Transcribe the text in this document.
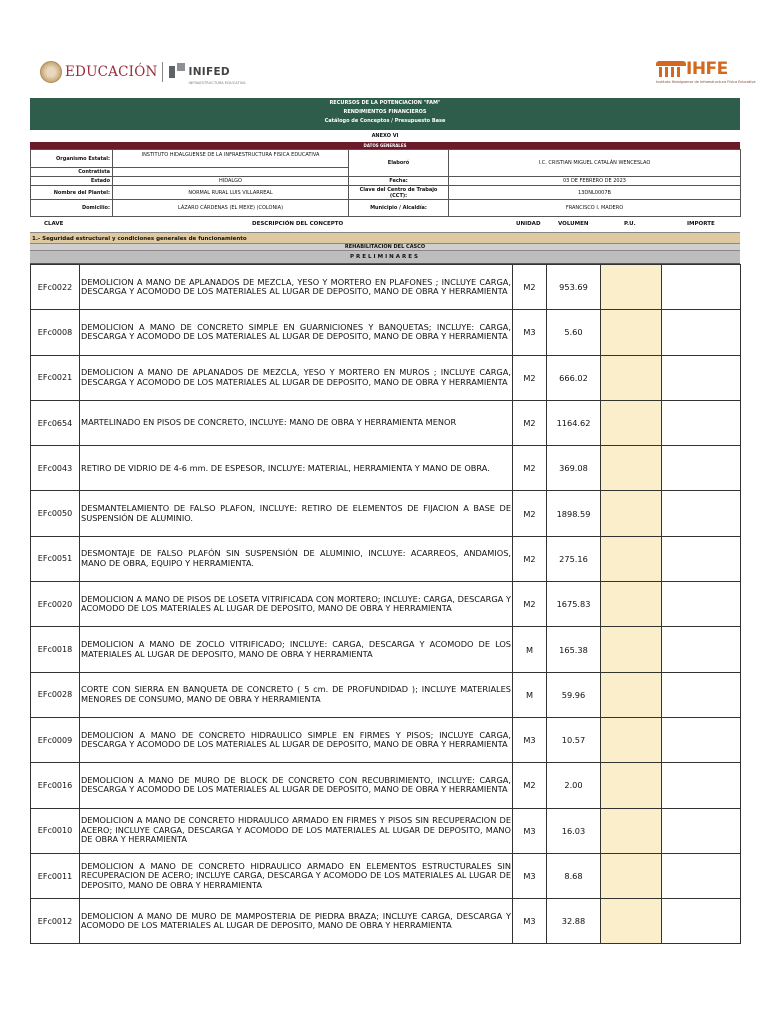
EDUCACIÓN	INIFED
INFRAESTRUCTURA EDUCATIVA
IHFE
Instituto Hidalguense de Infraestructura Física Educativa
RECURSOS DE LA POTENCIACION "FAM"
RENDIMIENTOS FINANCIEROS
Catálogo de Conceptos / Presupuesto Base
ANEXO VI
DATOS GENERALES
Organismo Estatal:	INSTITUTO HIDALGUENSE DE LA INFRAESTRUCTURA FISICA EDUCATIVA	Elaboró	I.C. CRISTIAN MIGUEL CATALÁN WENCESLAO
Contratista			
Estado	HIDALGO	Fecha:	03 DE FEBRERO DE 2023
Nombre del Plantel:	NORMAL RURAL LUIS VILLARREAL	Clave del Centro de Trabajo (CCT):	13DNL0007B
Domicilio:	LÁZARO CÁRDENAS (EL MEXE) (COLONIA)	Municipio / Alcaldía:	FRANCISCO I. MADERO
CLAVE	DESCRIPCIÓN DEL CONCEPTO	UNIDAD	VOLUMEN	P.U.	IMPORTE
1.- Seguridad estructural y condiciones generales de funcionamiento
REHABILITACION DEL CASCO
PRELIMINARES
EFc0022	DEMOLICION A MANO DE APLANADOS DE MEZCLA, YESO Y MORTERO EN PLAFONES ; INCLUYE CARGA, DESCARGA Y ACOMODO DE LOS MATERIALES AL LUGAR DE DEPOSITO, MANO DE OBRA Y HERRAMIENTA	M2	953.69		
EFc0008	DEMOLICION A MANO DE CONCRETO SIMPLE EN GUARNICIONES Y BANQUETAS; INCLUYE: CARGA, DESCARGA Y ACOMODO DE LOS MATERIALES AL LUGAR DE DEPOSITO, MANO DE OBRA Y HERRAMIENTA	M3	5.60		
EFc0021	DEMOLICION A MANO DE APLANADOS DE MEZCLA, YESO Y MORTERO EN MUROS ; INCLUYE CARGA, DESCARGA Y ACOMODO DE LOS MATERIALES AL LUGAR DE DEPOSITO, MANO DE OBRA Y HERRAMIENTA	M2	666.02		
EFc0654	MARTELINADO EN PISOS DE CONCRETO, INCLUYE: MANO DE OBRA Y HERRAMIENTA MENOR	M2	1164.62		
EFc0043	RETIRO DE VIDRIO DE 4-6 mm. DE ESPESOR, INCLUYE: MATERIAL, HERRAMIENTA Y MANO DE OBRA.	M2	369.08		
EFc0050	DESMANTELAMIENTO DE FALSO PLAFON, INCLUYE: RETIRO DE ELEMENTOS DE FIJACION A BASE DE SUSPENSIÓN DE ALUMINIO.	M2	1898.59		
EFc0051	DESMONTAJE DE FALSO PLAFÓN SIN SUSPENSIÓN DE ALUMINIO, INCLUYE: ACARREOS, ANDAMIOS, MANO DE OBRA, EQUIPO Y HERRAMIENTA.	M2	275.16		
EFc0020	DEMOLICION A MANO DE PISOS DE LOSETA VITRIFICADA CON MORTERO; INCLUYE: CARGA, DESCARGA Y ACOMODO DE LOS MATERIALES AL LUGAR DE DEPOSITO, MANO DE OBRA Y HERRAMIENTA	M2	1675.83		
EFc0018	DEMOLICION A MANO DE ZOCLO VITRIFICADO; INCLUYE: CARGA, DESCARGA Y ACOMODO DE LOS MATERIALES AL LUGAR DE DEPOSITO, MANO DE OBRA Y HERRAMIENTA	M	165.38		
EFc0028	CORTE CON SIERRA EN BANQUETA DE CONCRETO ( 5 cm. DE PROFUNDIDAD ); INCLUYE MATERIALES MENORES DE CONSUMO, MANO DE OBRA Y HERRAMIENTA	M	59.96		
EFc0009	DEMOLICION A MANO DE CONCRETO HIDRAULICO SIMPLE EN FIRMES Y PISOS; INCLUYE CARGA, DESCARGA Y ACOMODO DE LOS MATERIALES AL LUGAR DE DEPOSITO, MANO DE OBRA Y HERRAMIENTA	M3	10.57		
EFc0016	DEMOLICION A MANO DE MURO DE BLOCK DE CONCRETO CON RECUBRIMIENTO, INCLUYE: CARGA, DESCARGA Y ACOMODO DE LOS MATERIALES AL LUGAR DE DEPOSITO, MANO DE OBRA Y HERRAMIENTA	M2	2.00		
EFc0010	DEMOLICION A MANO DE CONCRETO HIDRAULICO ARMADO EN FIRMES Y PISOS SIN RECUPERACION DE ACERO; INCLUYE CARGA, DESCARGA Y ACOMODO DE LOS MATERIALES AL LUGAR DE DEPOSITO, MANO DE OBRA Y HERRAMIENTA	M3	16.03		
EFc0011	DEMOLICION A MANO DE CONCRETO HIDRAULICO ARMADO EN ELEMENTOS ESTRUCTURALES SIN RECUPERACION DE ACERO; INCLUYE CARGA, DESCARGA Y ACOMODO DE LOS MATERIALES AL LUGAR DE DEPOSITO, MANO DE OBRA Y HERRAMIENTA	M3	8.68		
EFc0012	DEMOLICION A MANO DE MURO DE MAMPOSTERIA DE PIEDRA BRAZA; INCLUYE CARGA, DESCARGA Y ACOMODO DE LOS MATERIALES AL LUGAR DE DEPOSITO, MANO DE OBRA Y HERRAMIENTA	M3	32.88		
